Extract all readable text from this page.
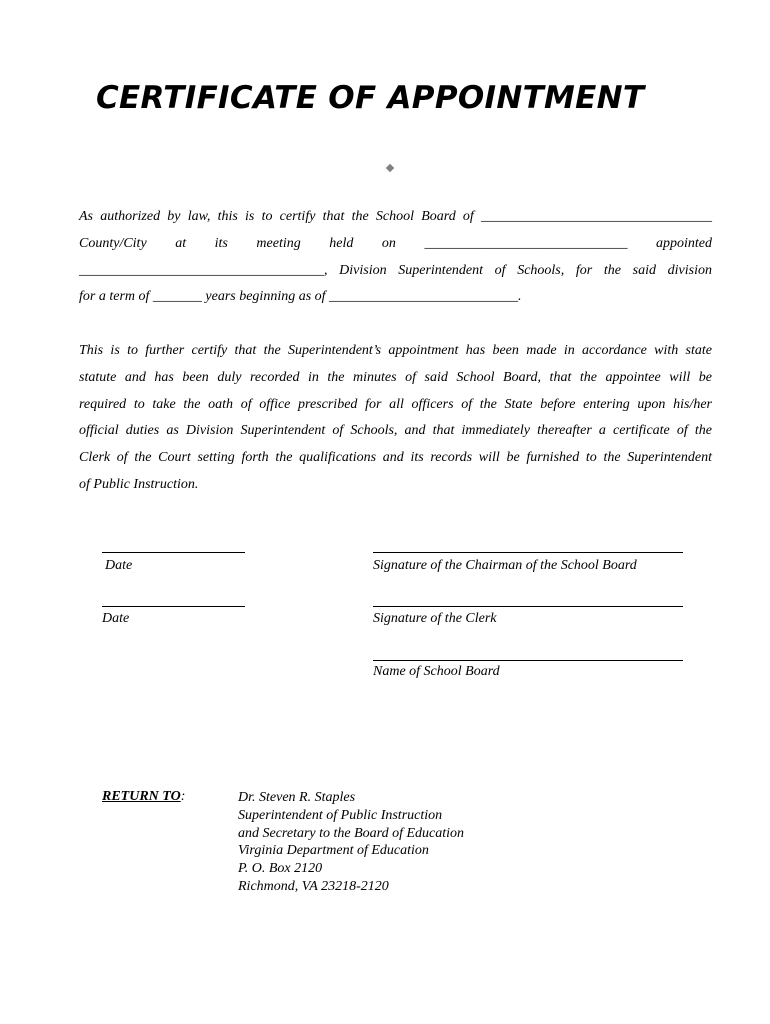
CERTIFICATE OF APPOINTMENT
As authorized by law, this is to certify that the School Board of _________________________________
County/City at its meeting held on _____________________________ appointed
___________________________________, Division Superintendent of Schools, for the said division
for a term of _______ years beginning as of ___________________________.
This is to further certify that the Superintendent’s appointment has been made in accordance with state
statute and has been duly recorded in the minutes of said School Board, that the appointee will be
required to take the oath of office prescribed for all officers of the State before entering upon his/her
official duties as Division Superintendent of Schools, and that immediately thereafter a certificate of the
Clerk of the Court setting forth the qualifications and its records will be furnished to the Superintendent
of Public Instruction.
Date	Signature of the Chairman of the School Board
Date	Signature of the Clerk
Name of School Board
RETURN TO:	Dr. Steven R. Staples
Superintendent of Public Instruction
and Secretary to the Board of Education
Virginia Department of Education
P. O. Box 2120
Richmond, VA 23218-2120
